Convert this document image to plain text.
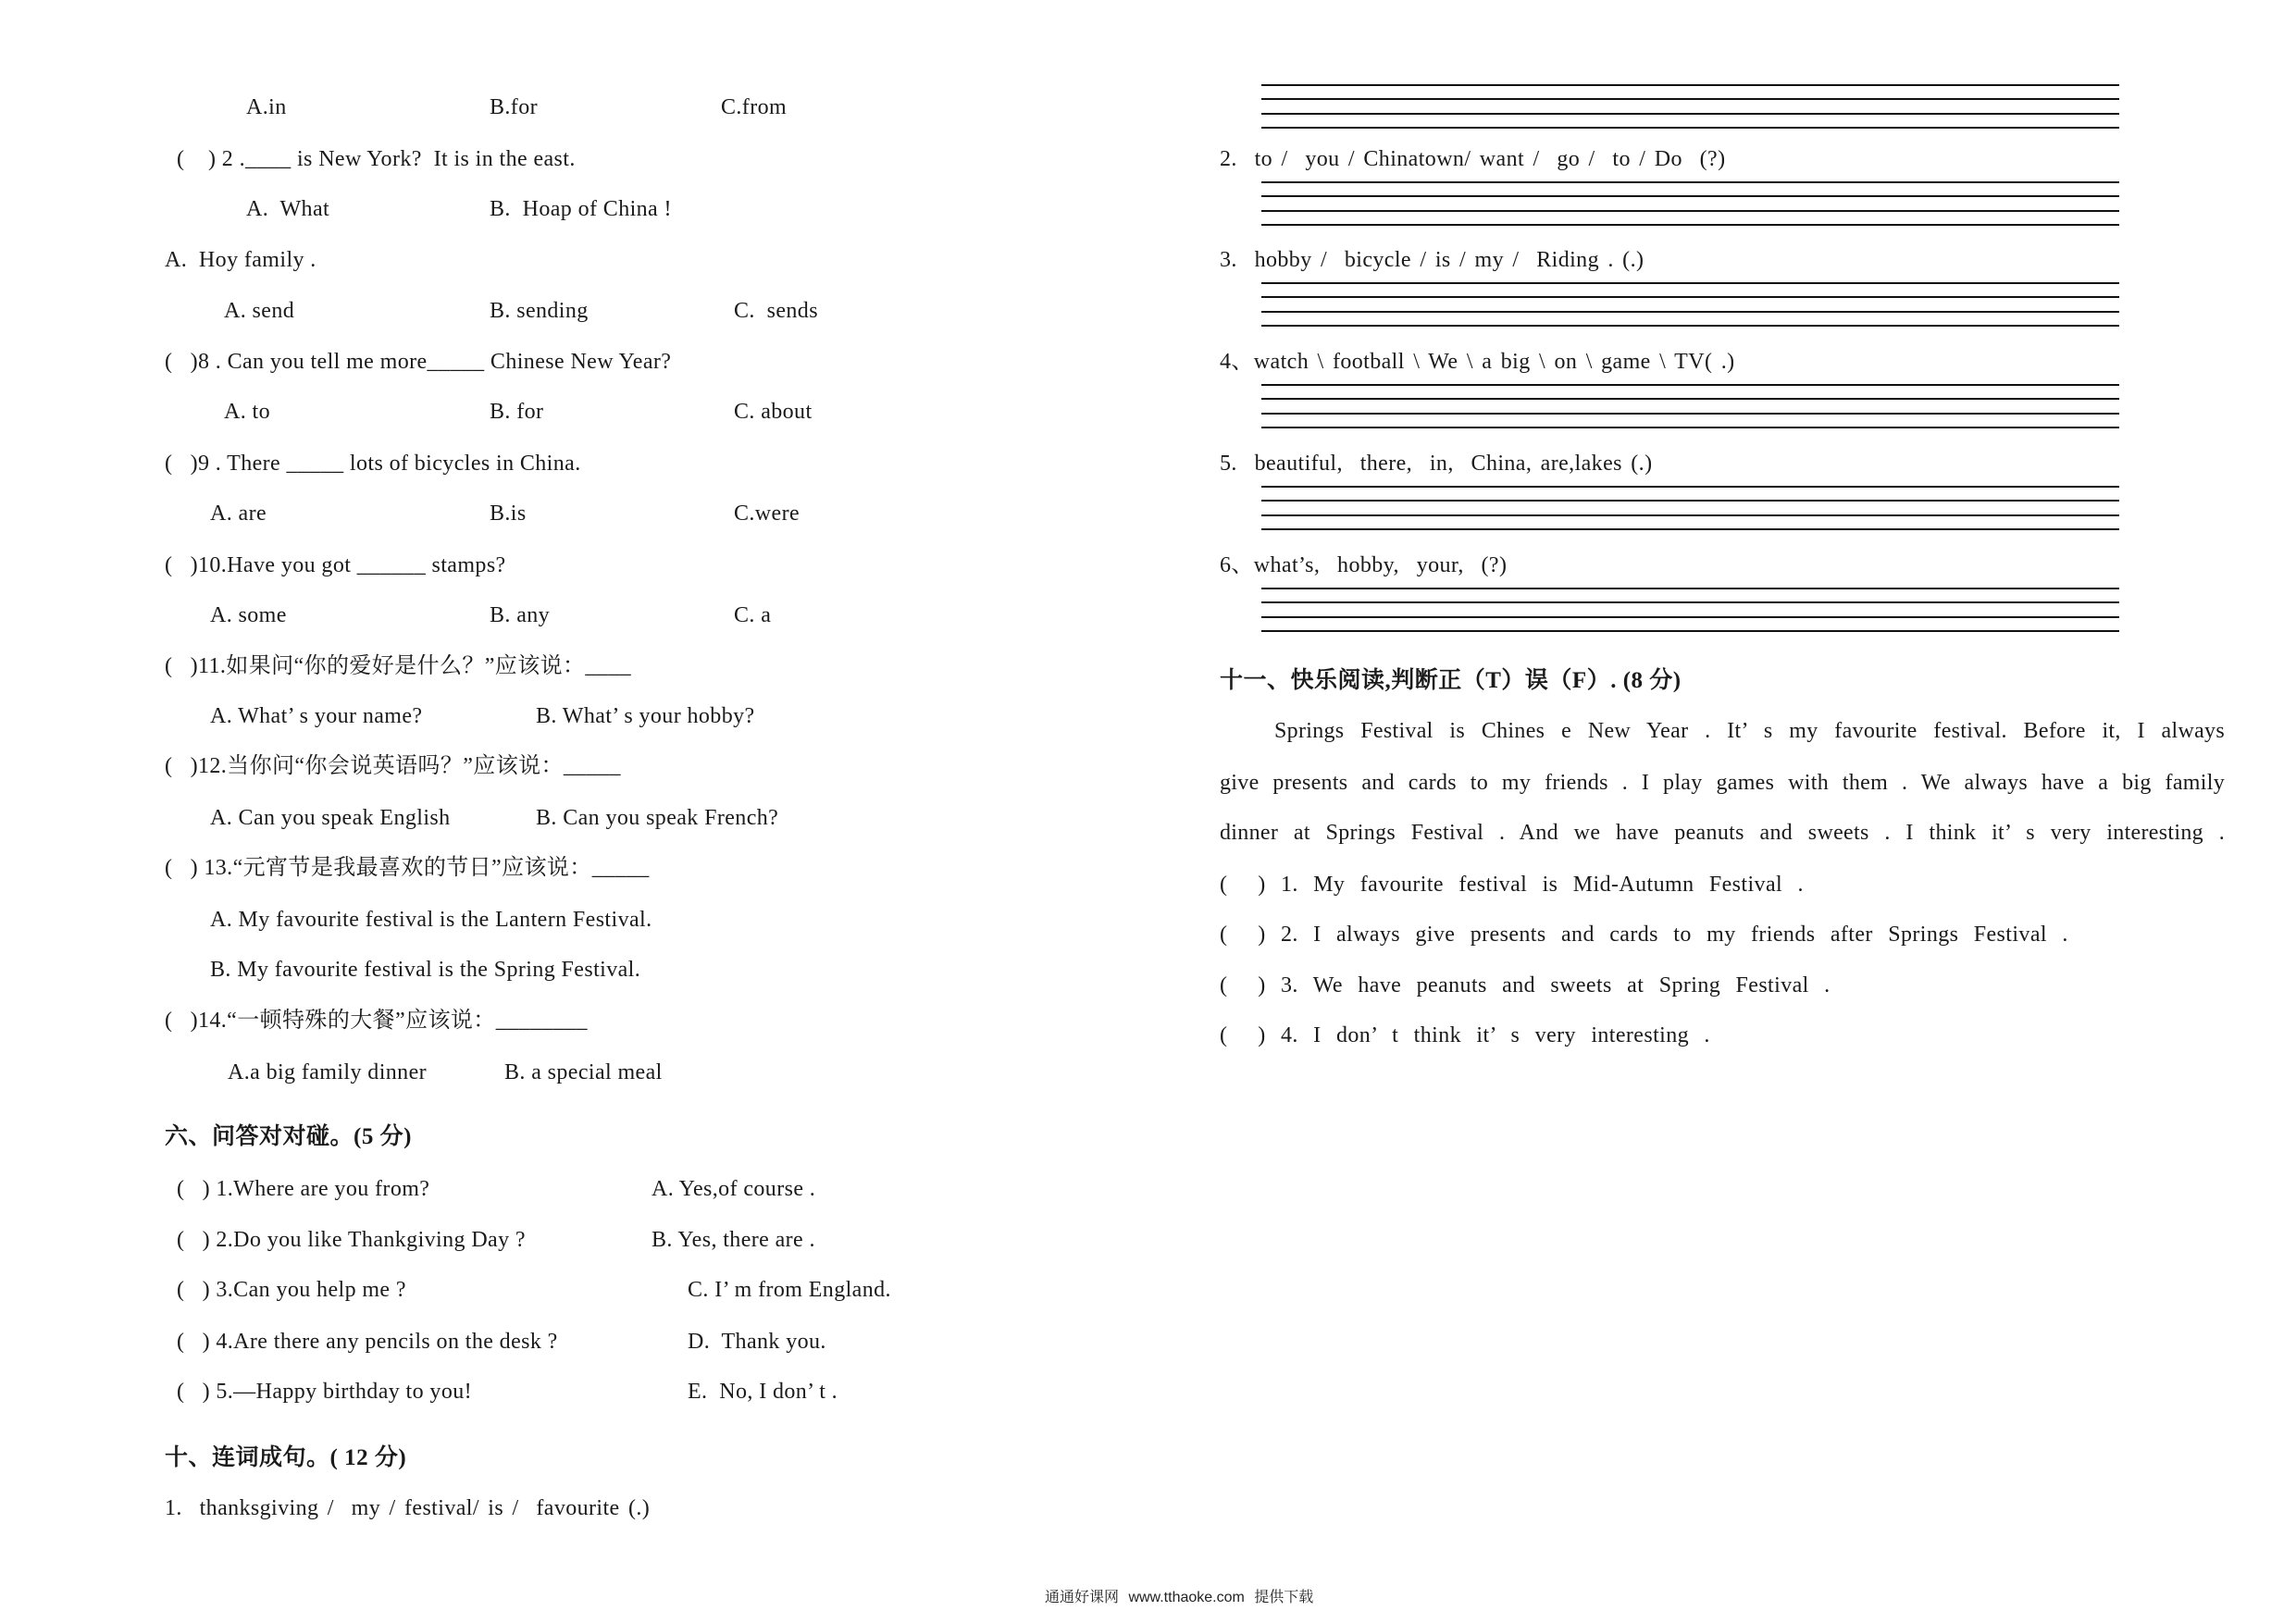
A.in	B.for	C.from
(    ) 2 .____ is New York?  It is in the east.
A.  What	B.  Hoap of China !
A.  Hoy family .
A. send	B. sending	C.  sends
(   )8 . Can you tell me more_____ Chinese New Year?
A. to	B. for	C. about
(   )9 . There _____ lots of bicycles in China.
A. are	B.is	C.were
(   )10.Have you got ______ stamps?
A. some	B. any	C. a
(   )11.如果问“你的爱好是什么？”应该说：____
A. What’ s your name?	B. What’ s your hobby?
(   )12.当你问“你会说英语吗？”应该说：_____
A. Can you speak English	B. Can you speak French?
(   ) 13.“元宵节是我最喜欢的节日”应该说：_____
A. My favourite festival is the Lantern Festival.
B. My favourite festival is the Spring Festival.
(   )14.“一顿特殊的大餐”应该说：________
A.a big family dinner	B. a special meal
六、问答对对碰。(5 分)
(   ) 1.Where are you from?	A. Yes,of course .
(   ) 2.Do you like Thankgiving Day ?	B. Yes, there are .
(   ) 3.Can you help me ?	C. I’ m from England.
(   ) 4.Are there any pencils on the desk ?	D.  Thank you.
(   ) 5.—Happy birthday to you!	E.  No, I don’ t .
十、连词成句。( 12 分)
1.  thanksgiving /  my / festival/ is /  favourite (.)
2.  to /  you / Chinatown/ want /  go /  to / Do  (?)
3.  hobby /  bicycle / is / my /  Riding . (.)
4、watch \ football \ We \ a big \ on \ game \ TV( .)
5.  beautiful,  there,  in,  China, are,lakes (.)
6、what’s,  hobby,  your,  (?)
十一、快乐阅读,判断正（T）误（F）. (8 分)
Springs Festival is Chines e New Year . It’ s my favourite festival. Before it, I always
give presents and cards to my friends . I play games with them . We always have a big family
dinner at Springs Festival . And we have peanuts and sweets . I think it’ s very interesting .
(  ) 1. My favourite festival is Mid-Autumn Festival .
(  ) 2. I always give presents and cards to my friends after Springs Festival .
(  ) 3. We have peanuts and sweets at Spring Festival .
(  ) 4. I don’ t think it’ s very interesting .
通通好课网 www.tthaoke.com 提供下载
